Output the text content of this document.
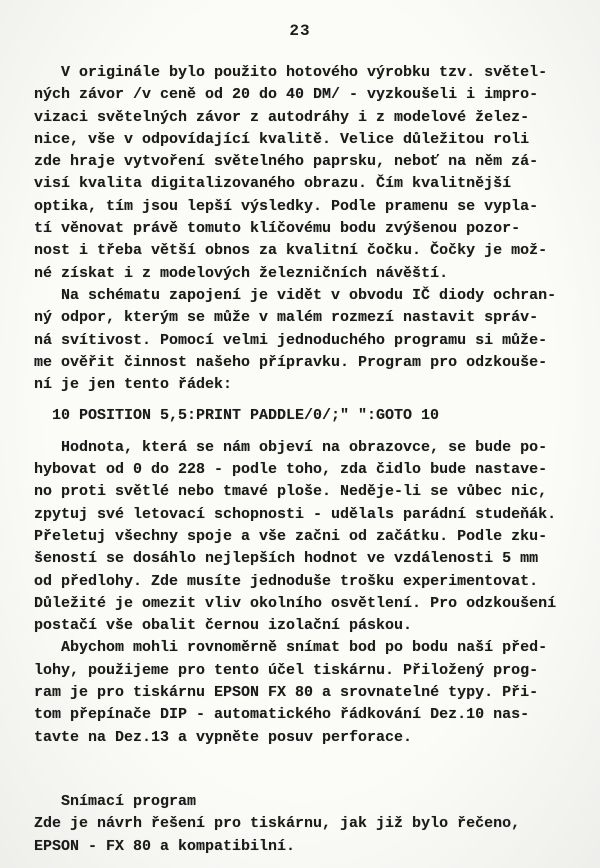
23
V originále bylo použito hotového výrobku tzv. světel-
ných závor /v ceně od 20 do 40 DM/ - vyzkoušeli i impro-
vizaci světelných závor z autodráhy i z modelové želez-
nice, vše v odpovídající kvalitě. Velice důležitou roli
zde hraje vytvoření světelného paprsku, neboť na něm zá-
visí kvalita digitalizovaného obrazu. Čím kvalitnější
optika, tím jsou lepší výsledky. Podle pramenu se vypla-
tí věnovat právě tomuto klíčovému bodu zvýšenou pozor-
nost i třeba větší obnos za kvalitní čočku. Čočky je mož-
né získat i z modelových železničních návěští.
Na schématu zapojení je vidět v obvodu IČ diody ochran-
ný odpor, kterým se může v malém rozmezí nastavit správ-
ná svítivost. Pomocí velmi jednoduchého programu si může-
me ověřit činnost našeho přípravku. Program pro odzkouše-
ní je jen tento řádek:
10 POSITION 5,5:PRINT PADDLE/0/;" ":GOTO 10
Hodnota, která se nám objeví na obrazovce, se bude po-
hybovat od 0 do 228 - podle toho, zda čidlo bude nastave-
no proti světlé nebo tmavé ploše. Neděje-li se vůbec nic,
zpytuj své letovací schopnosti - udělals parádní studeňák.
Přeletuj všechny spoje a vše začni od začátku. Podle zku-
šeností se dosáhlo nejlepších hodnot ve vzdálenosti 5 mm
od předlohy. Zde musíte jednoduše trošku experimentovat.
Důležité je omezit vliv okolního osvětlení. Pro odzkoušení
postačí vše obalit černou izolační páskou.
Abychom mohli rovnoměrně snímat bod po bodu naší před-
lohy, použijeme pro tento účel tiskárnu. Přiložený prog-
ram je pro tiskárnu EPSON FX 80 a srovnatelné typy. Při-
tom přepínače DIP - automatického řádkování Dez.10 nas-
tavte na Dez.13 a vypněte posuv perforace.
Snímací program
Zde je návrh řešení pro tiskárnu, jak již bylo řečeno,
EPSON - FX 80 a kompatibilní.
